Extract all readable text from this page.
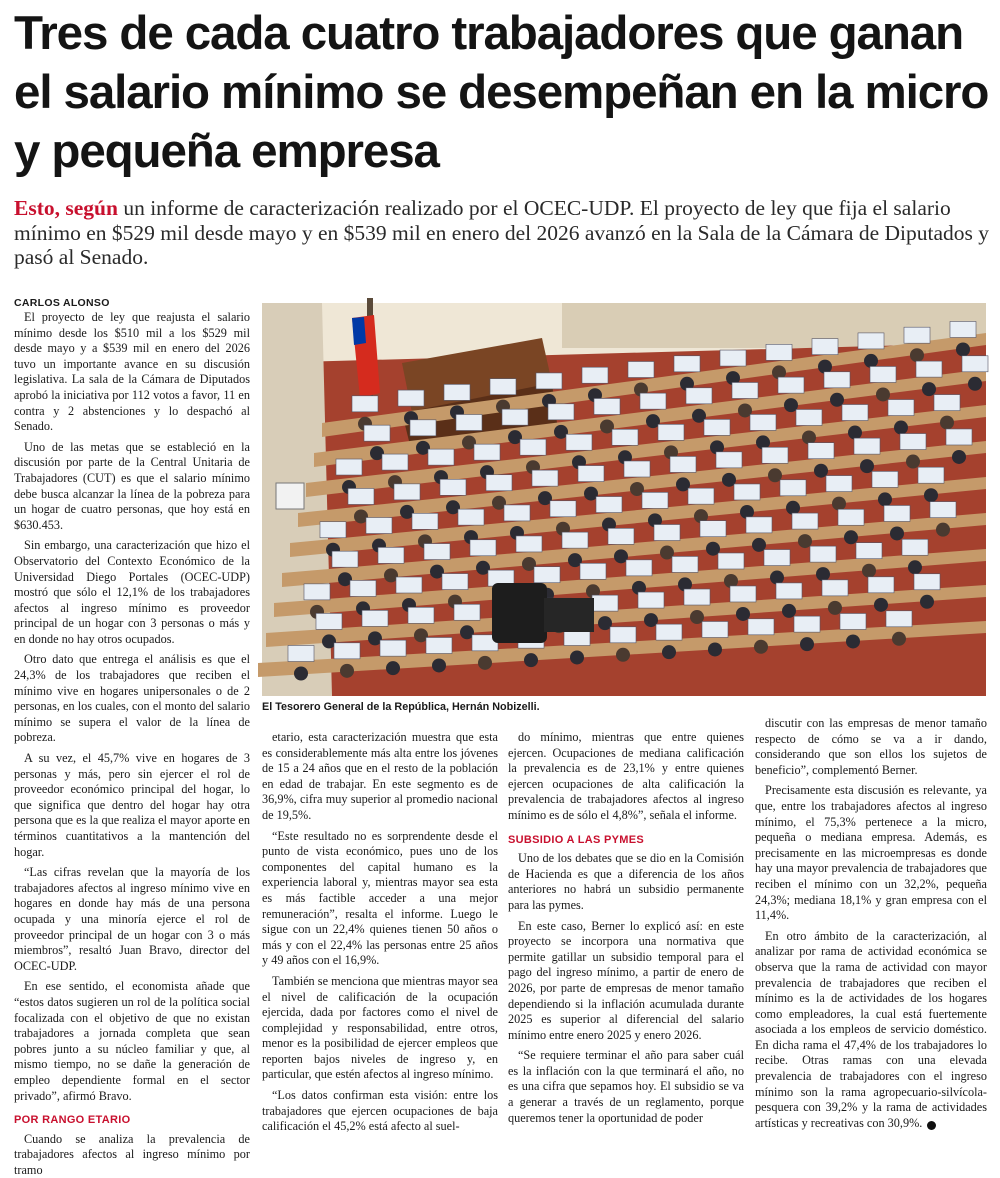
Tres de cada cuatro trabajadores que ganan el salario mínimo se desempeñan en la micro y pequeña empresa
Esto, según un informe de caracterización realizado por el OCEC-UDP. El proyecto de ley que fija el salario mínimo en $529 mil desde mayo y en $539 mil en enero del 2026 avanzó en la Sala de la Cámara de Diputados y pasó al Senado.
CARLOS ALONSO

El proyecto de ley que reajusta el salario mínimo desde los $510 mil a los $529 mil desde mayo y a $539 mil en enero del 2026 tuvo un importante avance en su discusión legislativa. La sala de la Cámara de Diputados aprobó la iniciativa por 112 votos a favor, 11 en contra y 2 abstenciones y lo despachó al Senado.

Uno de las metas que se estableció en la discusión por parte de la Central Unitaria de Trabajadores (CUT) es que el salario mínimo debe busca alcanzar la línea de la pobreza para un hogar de cuatro personas, que hoy está en $630.453.

Sin embargo, una caracterización que hizo el Observatorio del Contexto Económico de la Universidad Diego Portales (OCEC-UDP) mostró que sólo el 12,1% de los trabajadores afectos al ingreso mínimo es proveedor principal de un hogar con 3 personas o más y en donde no hay otros ocupados.

Otro dato que entrega el análisis es que el 24,3% de los trabajadores que reciben el mínimo vive en hogares unipersonales o de 2 personas, en los cuales, con el monto del salario mínimo se supera el valor de la línea de pobreza.

A su vez, el 45,7% vive en hogares de 3 personas y más, pero sin ejercer el rol de proveedor económico principal del hogar, lo que significa que dentro del hogar hay otra persona que es la que realiza el mayor aporte en términos cuantitativos a la mantención del hogar.

“Las cifras revelan que la mayoría de los trabajadores afectos al ingreso mínimo vive en hogares en donde hay más de una persona ocupada y una minoría ejerce el rol de proveedor principal de un hogar con 3 o más miembros”, resaltó Juan Bravo, director del OCEC-UDP.

En ese sentido, el economista añade que “estos datos sugieren un rol de la política social focalizada con el objetivo de que no existan trabajadores a jornada completa que sean pobres junto a su núcleo familiar y que, al mismo tiempo, no se dañe la generación de empleo dependiente formal en el sector privado”, afirmó Bravo.

POR RANGO ETARIO

Cuando se analiza la prevalencia de trabajadores afectos al ingreso mínimo por tramo

El Tesorero General de la República, Hernán Nobizelli.

etario, esta caracterización muestra que esta es considerablemente más alta entre los jóvenes de 15 a 24 años que en el resto de la población en edad de trabajar. En este segmento es de 36,9%, cifra muy superior al promedio nacional de 19,5%.

“Este resultado no es sorprendente desde el punto de vista económico, pues uno de los componentes del capital humano es la experiencia laboral y, mientras mayor sea esta es más factible acceder a una mejor remuneración”, resalta el informe. Luego le sigue con un 22,4% quienes tienen 50 años o más y con el 22,4% las personas entre 25 años y 49 años con el 16,9%.

También se menciona que mientras mayor sea el nivel de calificación de la ocupación ejercida, dada por factores como el nivel de complejidad y responsabilidad, entre otros, menor es la posibilidad de ejercer empleos que reporten bajos niveles de ingreso y, en particular, que estén afectos al ingreso mínimo.

“Los datos confirman esta visión: entre los trabajadores que ejercen ocupaciones de baja calificación el 45,2% está afecto al suel-

do mínimo, mientras que entre quienes ejercen. Ocupaciones de mediana calificación la prevalencia es de 23,1% y entre quienes ejercen ocupaciones de alta calificación la prevalencia de trabajadores afectos al ingreso mínimo es de sólo el 4,8%”, señala el informe.

SUBSIDIO A LAS PYMES

Uno de los debates que se dio en la Comisión de Hacienda es que a diferencia de los años anteriores no habrá un subsidio permanente para las pymes.

En este caso, Berner lo explicó así: en este proyecto se incorpora una normativa que permite gatillar un subsidio temporal para el pago del ingreso mínimo, a partir de enero de 2026, por parte de empresas de menor tamaño dependiendo si la inflación acumulada durante 2025 es superior al diferencial del salario mínimo entre enero 2025 y enero 2026.

“Se requiere terminar el año para saber cuál es la inflación con la que terminará el año, no es una cifra que sepamos hoy. El subsidio se va a generar a través de un reglamento, porque queremos tener la oportunidad de poder

discutir con las empresas de menor tamaño respecto de cómo se va a ir dando, considerando que son ellos los sujetos de beneficio”, complementó Berner.

Precisamente esta discusión es relevante, ya que, entre los trabajadores afectos al ingreso mínimo, el 75,3% pertenece a la micro, pequeña o mediana empresa. Además, es precisamente en las microempresas es donde hay una mayor prevalencia de trabajadores que reciben el mínimo con un 32,2%, pequeña 24,3%; mediana 18,1% y gran empresa con el 11,4%.

En otro ámbito de la caracterización, al analizar por rama de actividad económica se observa que la rama de actividad con mayor prevalencia de trabajadores que reciben el mínimo es la de actividades de los hogares como empleadores, la cual está fuertemente asociada a los empleos de servicio doméstico. En dicha rama el 47,4% de los trabajadores lo recibe. Otras ramas con una elevada prevalencia de trabajadores con el ingreso mínimo son la rama agropecuario-silvícola-pesquera con 39,2% y la rama de actividades artísticas y recreativas con 30,9%. P
